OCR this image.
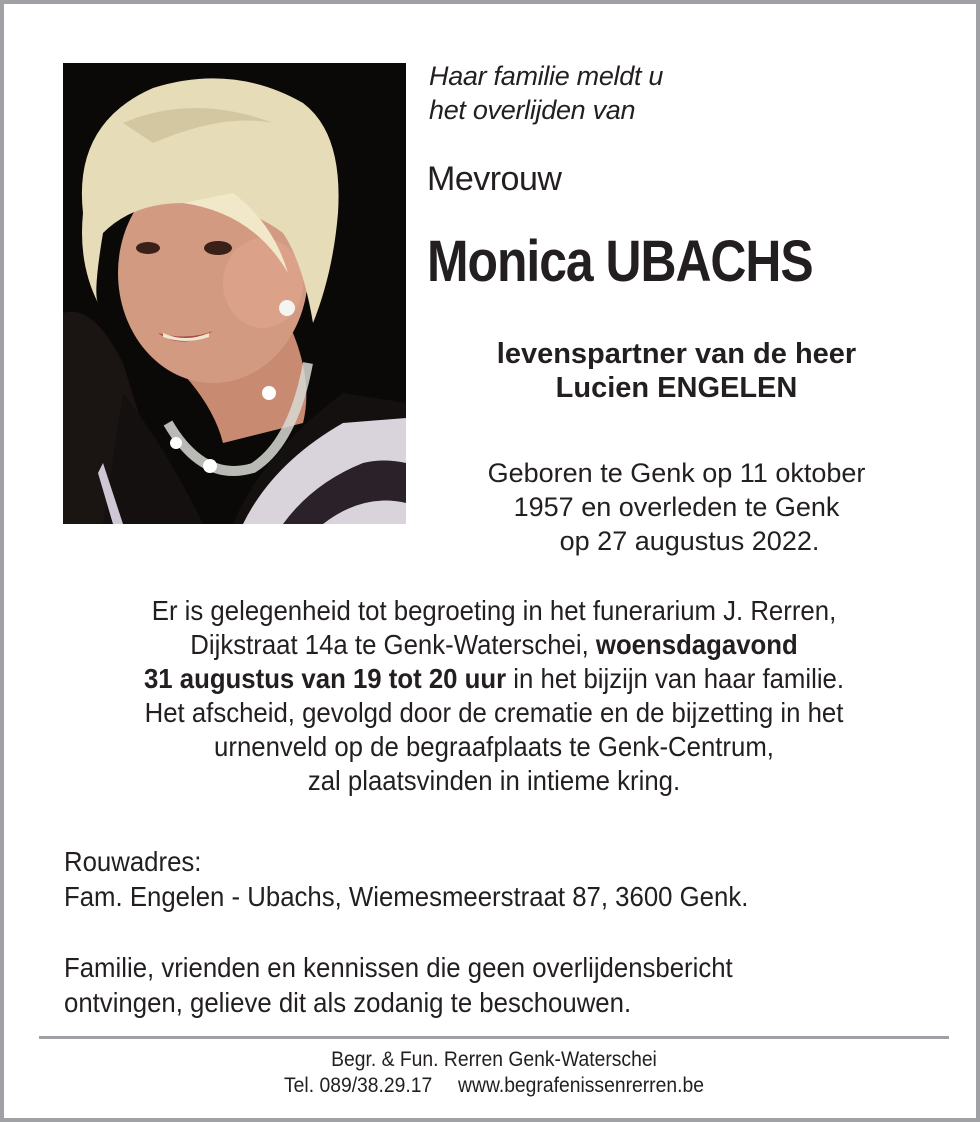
Haar familie meldt u
het overlijden van
Mevrouw
Monica UBACHS
levenspartner van de heer
Lucien ENGELEN
Geboren te Genk op 11 oktober
1957 en overleden te Genk
op 27 augustus 2022.
Er is gelegenheid tot begroeting in het funerarium J. Rerren,
Dijkstraat 14a te Genk-Waterschei, woensdagavond
31 augustus van 19 tot 20 uur in het bijzijn van haar familie.
Het afscheid, gevolgd door de crematie en de bijzetting in het
urnenveld op de begraafplaats te Genk-Centrum,
zal plaatsvinden in intieme kring.
Rouwadres:
Fam. Engelen - Ubachs, Wiemesmeerstraat 87, 3600 Genk.
Familie, vrienden en kennissen die geen overlijdensbericht
ontvingen, gelieve dit als zodanig te beschouwen.
Begr. & Fun. Rerren Genk-Waterschei
Tel. 089/38.29.17 www.begrafenissenrerren.be
